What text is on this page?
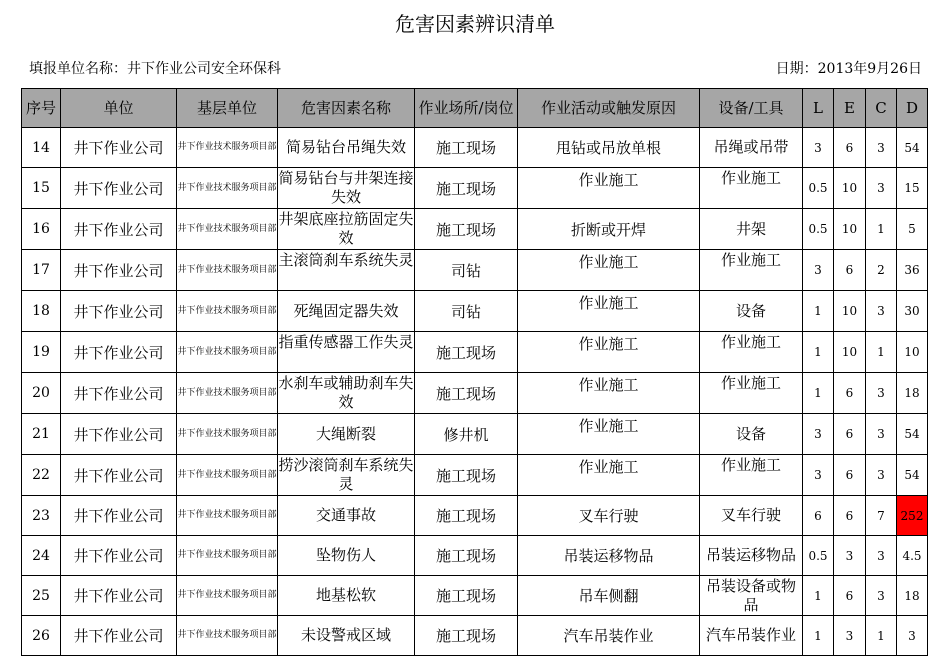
危害因素辨识清单
填报单位名称：井下作业公司安全环保科	日期：2013年9月26日
序号	单位	基层单位	危害因素名称	作业场所/岗位	作业活动或触发原因	设备/工具	L	E	C	D
14	井下作业公司	井下作业技术服务项目部	简易钻台吊绳失效	施工现场	甩钻或吊放单根	吊绳或吊带	3	6	3	54
15	井下作业公司	井下作业技术服务项目部	简易钻台与井架连接失效	施工现场	作业施工	作业施工	0.5	10	3	15
16	井下作业公司	井下作业技术服务项目部	井架底座拉筋固定失效	施工现场	折断或开焊	井架	0.5	10	1	5
17	井下作业公司	井下作业技术服务项目部	主滚筒刹车系统失灵	司钻	作业施工	作业施工	3	6	2	36
18	井下作业公司	井下作业技术服务项目部	死绳固定器失效	司钻	作业施工	设备	1	10	3	30
19	井下作业公司	井下作业技术服务项目部	指重传感器工作失灵	施工现场	作业施工	作业施工	1	10	1	10
20	井下作业公司	井下作业技术服务项目部	水刹车或辅助刹车失效	施工现场	作业施工	作业施工	1	6	3	18
21	井下作业公司	井下作业技术服务项目部	大绳断裂	修井机	作业施工	设备	3	6	3	54
22	井下作业公司	井下作业技术服务项目部	捞沙滚筒刹车系统失灵	施工现场	作业施工	作业施工	3	6	3	54
23	井下作业公司	井下作业技术服务项目部	交通事故	施工现场	叉车行驶	叉车行驶	6	6	7	252
24	井下作业公司	井下作业技术服务项目部	坠物伤人	施工现场	吊装运移物品	吊装运移物品	0.5	3	3	4.5
25	井下作业公司	井下作业技术服务项目部	地基松软	施工现场	吊车侧翻	吊装设备或物品	1	6	3	18
26	井下作业公司	井下作业技术服务项目部	未设警戒区域	施工现场	汽车吊装作业	汽车吊装作业	1	3	1	3
